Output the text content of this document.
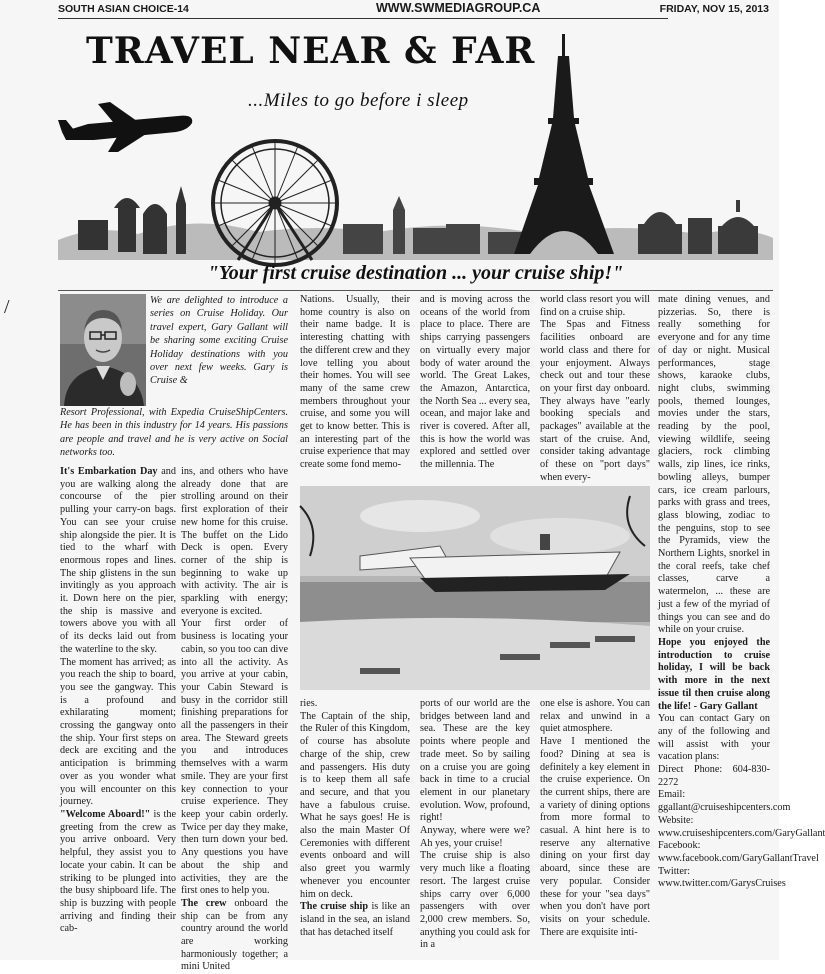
SOUTH ASIAN CHOICE-14	WWW.SWMEDIAGROUP.CA	FRIDAY, NOV 15, 2013
TRAVEL NEAR & FAR
...Miles to go before i sleep
"Your first cruise destination ... your cruise ship!"
/	We are delighted to introduce a series on Cruise Holiday. Our travel expert, Gary Gallant will be sharing some exciting Cruise Holiday destinations with you over next few weeks. Gary is Cruise &
Resort Professional, with Expedia CruiseShipCenters. He has been in this industry for 14 years. His passions are people and travel and he is very active on Social networks too.

It's Embarkation Day and you are walking along the concourse of the pier pulling your carry-on bags. You can see your cruise ship alongside the pier. It is tied to the wharf with enormous ropes and lines. The ship glistens in the sun invitingly as you approach it. Down here on the pier, the ship is massive and towers above you with all of its decks laid out from the waterline to the sky.

The moment has arrived; as you reach the ship to board, you see the gangway. This is a profound and exhilarating moment; crossing the gangway onto the ship. Your first steps on deck are exciting and the anticipation is brimming over as you wonder what you will encounter on this journey.

"Welcome Aboard!" is the greeting from the crew as you arrive onboard. Very helpful, they assist you to locate your cabin. It can be striking to be plunged into the busy shipboard life. The ship is buzzing with people arriving and finding their cab-

ins, and others who have already done that are strolling around on their first exploration of their new home for this cruise. The buffet on the Lido Deck is open. Every corner of the ship is beginning to wake up with activity. The air is sparkling with energy; everyone is excited.

Your first order of business is locating your cabin, so you too can dive into all the activity. As you arrive at your cabin, your Cabin Steward is busy in the corridor still finishing preparations for all the passengers in their area. The Steward greets you and introduces themselves with a warm smile. They are your first key connection to your cruise experience. They keep your cabin orderly. Twice per day they make, then turn down your bed. Any questions you have about the ship and activities, they are the first ones to help you.

The crew onboard the ship can be from any country around the world are working harmoniously together; a mini United

Nations. Usually, their home country is also on their name badge. It is interesting chatting with the different crew and they love telling you about their homes. You will see many of the same crew members throughout your cruise, and some you will get to know better. This is an interesting part of the cruise experience that may create some fond memo-
and is moving across the oceans of the world from place to place. There are ships carrying passengers on virtually every major body of water around the world. The Great Lakes, the Amazon, Antarctica, the North Sea ... every sea, ocean, and major lake and river is covered. After all, this is how the world was explored and settled over the millennia. The

world class resort you will find on a cruise ship.

The Spas and Fitness facilities onboard are world class and there for your enjoyment. Always check out and tour these on your first day onboard. They always have "early booking specials and packages" available at the start of the cruise. And, consider taking advantage of these on "port days" when every-

ries.

The Captain of the ship, the Ruler of this Kingdom, of course has absolute charge of the ship, crew and passengers. His duty is to keep them all safe and secure, and that you have a fabulous cruise. What he says goes! He is also the main Master Of Ceremonies with different events onboard and will also greet you warmly whenever you encounter him on deck.

The cruise ship is like an island in the sea, an island that has detached itself

ports of our world are the bridges between land and sea. These are the key points where people and trade meet. So by sailing on a cruise you are going back in time to a crucial element in our planetary evolution. Wow, profound, right!

Anyway, where were we? Ah yes, your cruise!

The cruise ship is also very much like a floating resort. The largest cruise ships carry over 6,000 passengers with over 2,000 crew members. So, anything you could ask for in a

one else is ashore. You can relax and unwind in a quiet atmosphere.

Have I mentioned the food? Dining at sea is definitely a key element in the cruise experience. On the current ships, there are a variety of dining options from more formal to casual. A hint here is to reserve any alternative dining on your first day aboard, since these are very popular. Consider these for your "sea days" when you don't have port visits on your schedule. There are exquisite inti-

mate dining venues, and pizzerias. So, there is really something for everyone and for any time of day or night. Musical performances, stage shows, karaoke clubs, night clubs, swimming pools, themed lounges, movies under the stars, reading by the pool, viewing wildlife, seeing glaciers, rock climbing walls, zip lines, ice rinks, bowling alleys, bumper cars, ice cream parlours, parks with grass and trees, glass blowing, zodiac to the penguins, stop to see the Pyramids, view the Northern Lights, snorkel in the coral reefs, take chef classes, carve a watermelon, ... these are just a few of the myriad of things you can see and do while on your cruise.

Hope you enjoyed the introduction to cruise holiday, I will be back with more in the next issue til then cruise along the life! - Gary Gallant

You can contact Gary on any of the following and will assist with your vacation plans:

Direct Phone: 604-830-2272

Email: ggallant@cruiseshipcenters.com

Website: www.cruiseshipcenters.com/GaryGallant

Facebook: www.facebook.com/GaryGallantTravel

Twitter: www.twitter.com/GarysCruises
